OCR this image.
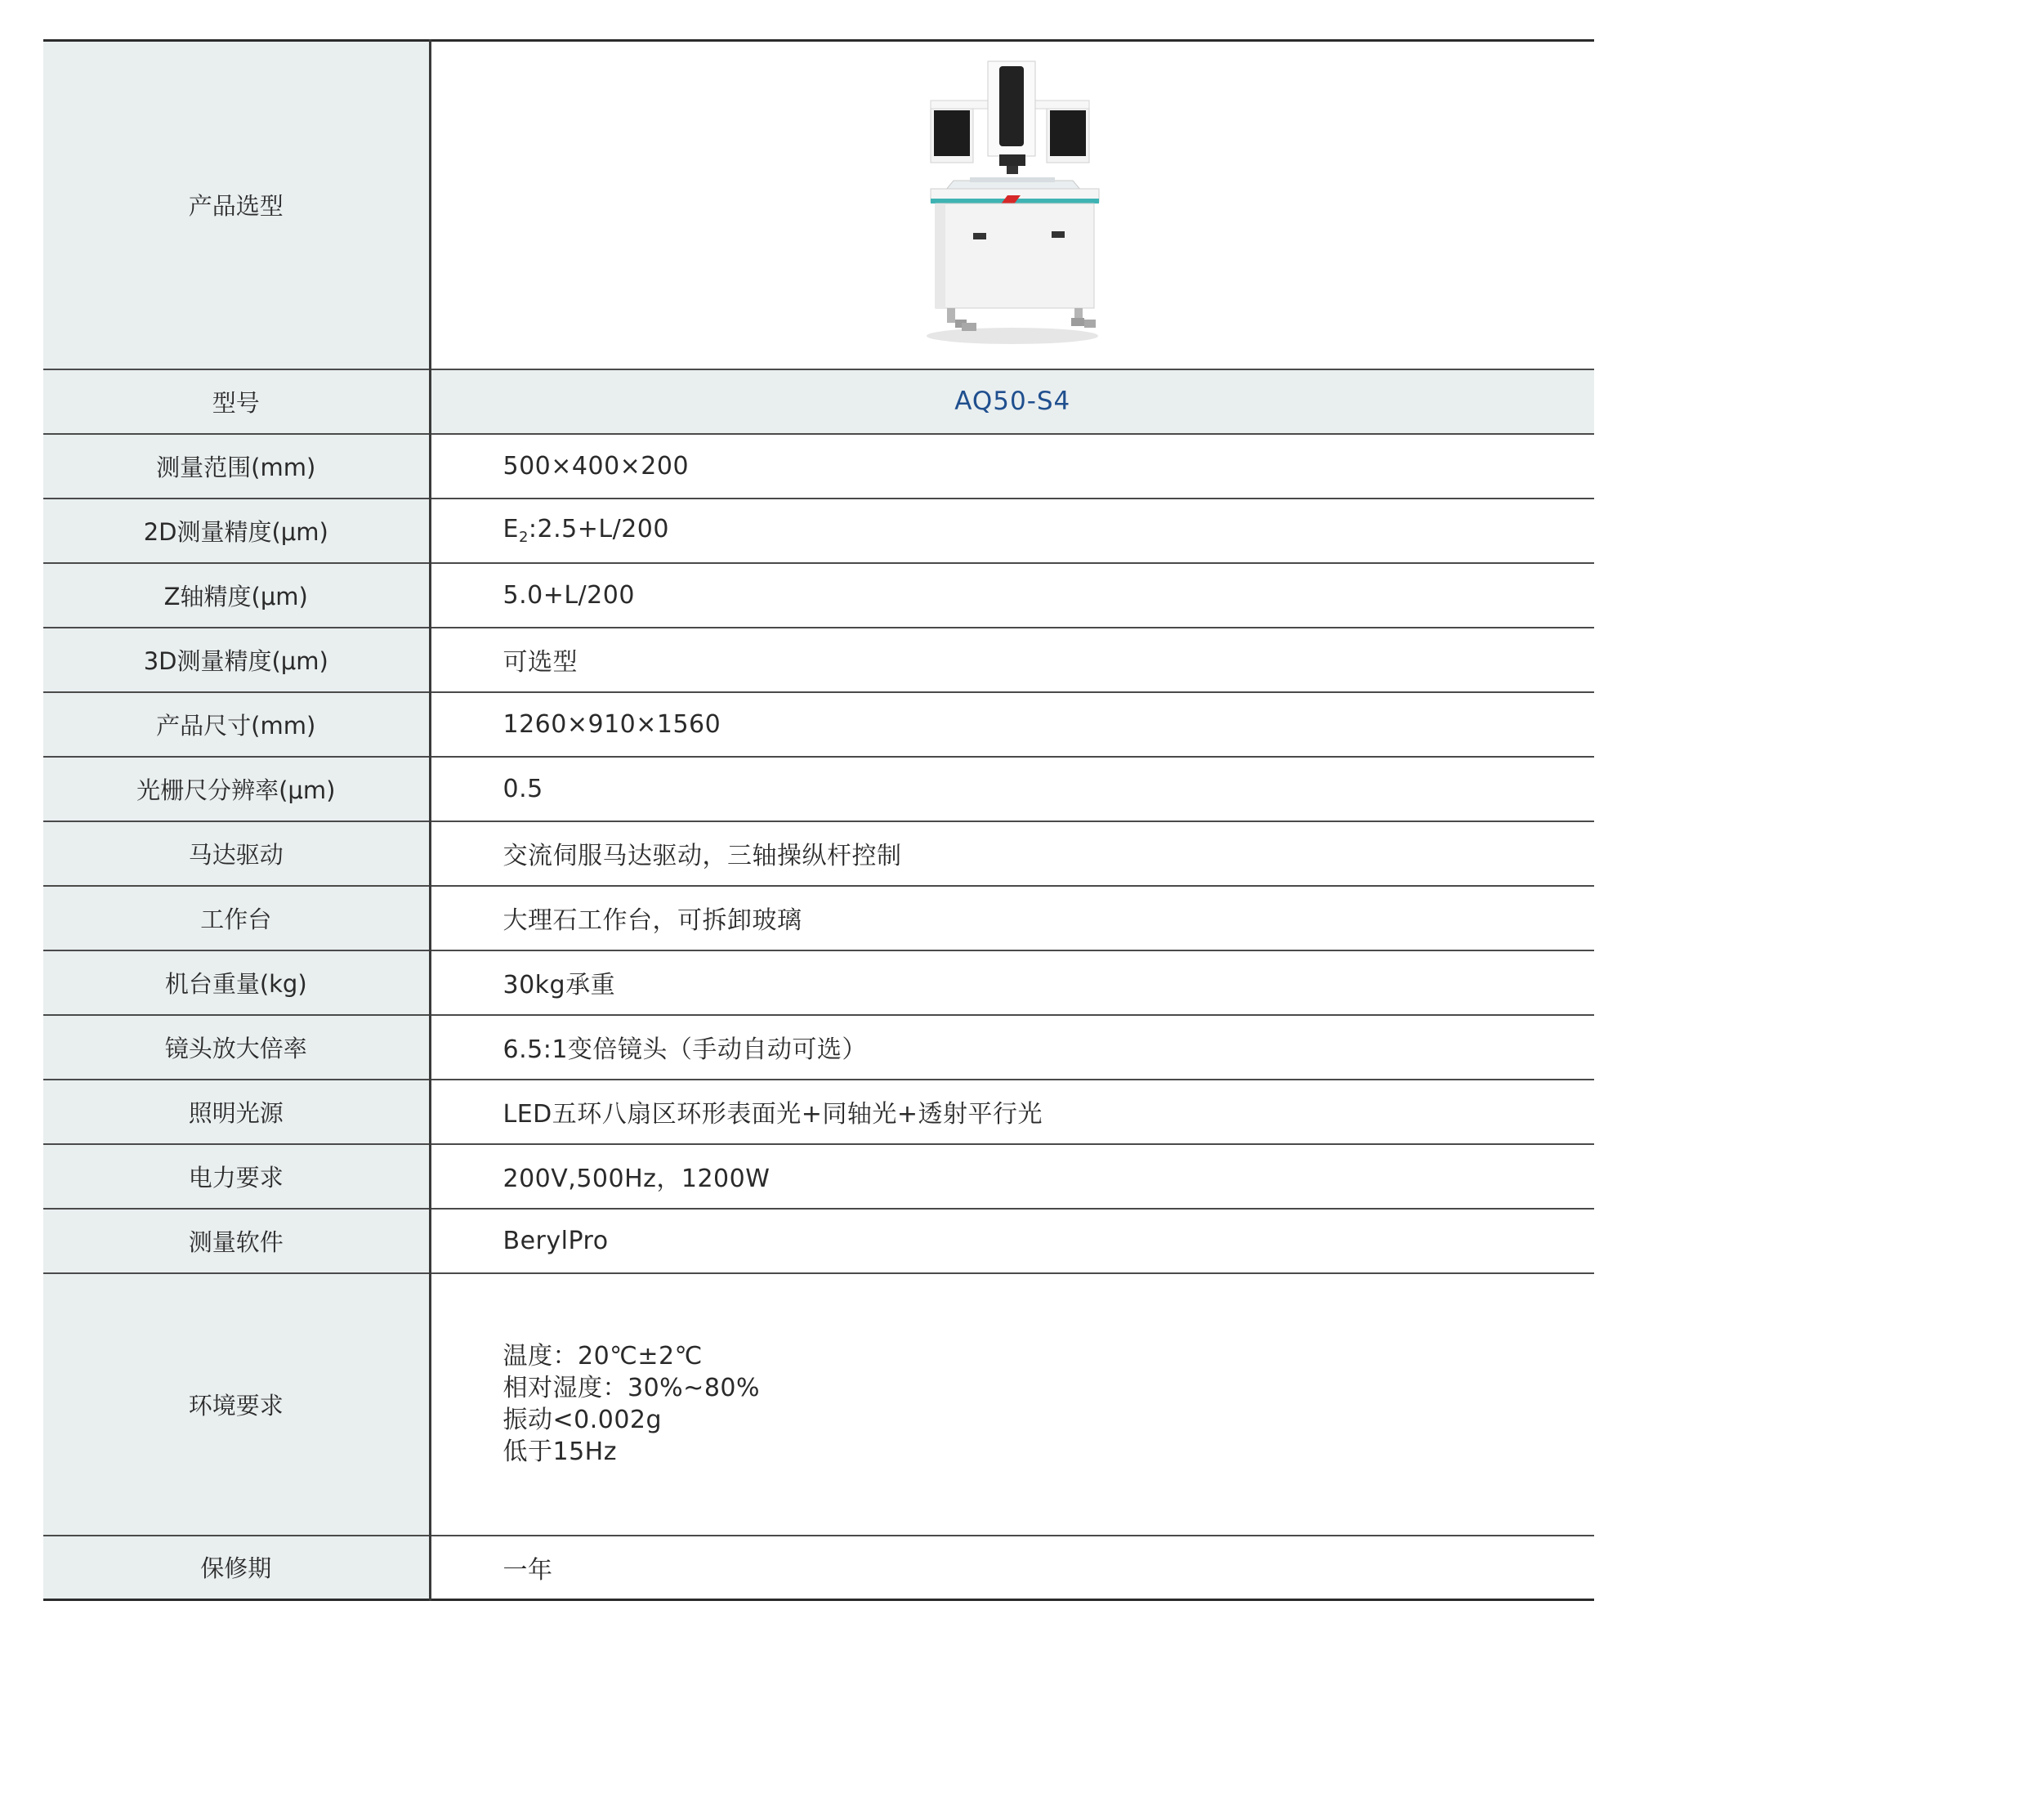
产品选型	

型号	AQ50-S4
测量范围(mm)	500×400×200
2D测量精度(μm)	$E_2:2.5+L/200$
Z轴精度(μm)	5.0+L/200
3D测量精度(μm)	可选型
产品尺寸(mm)	1260×910×1560
光栅尺分辨率(μm)	0.5
马达驱动	交流伺服马达驱动，三轴操纵杆控制
工作台	大理石工作台，可拆卸玻璃
机台重量(kg)	30kg承重
镜头放大倍率	6.5:1变倍镜头（手动自动可选）
照明光源	LED五环八扇区环形表面光+同轴光+透射平行光
电力要求	200V,500Hz，1200W
测量软件	BerylPro
环境要求	温度：20℃±2℃
相对湿度：30%~80%
振动<0.002g
低于15Hz

保修期	一年
